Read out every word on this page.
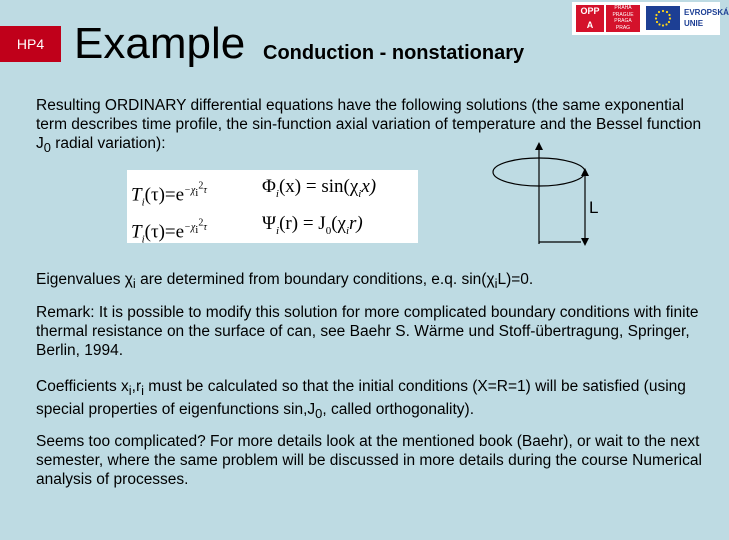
HP4 Example Conduction - nonstationary
OPP
A
PRAHA
PRAGUE
PRAGA
PRAG
EVROPSKÁ
UNIE
Resulting ORDINARY differential equations have the following solutions (the same exponential term describes time profile, the sin-function axial variation of temperature and the Bessel function $J_0$ radial variation):
$T_i(\tau)=e^{-\chi_i^2\tau}$	$\Phi_i(x) = \sin(\chi_ix)$
$T_i(\tau)=e^{-\chi_i^2\tau}$	$\Psi_i(r) = J_0(\chi_ir)$
L
Eigenvalues $\chi_i$ are determined from boundary conditions, e.q. $\sin(\chi_iL)=0$.
Remark: It is possible to modify this solution for more complicated boundary conditions with finite thermal resistance on the surface of can, see Baehr S. Wärme und Stoff-übertragung, Springer, Berlin, 1994.
Coefficients $x_i,r_i$ must be calculated so that the initial conditions (X=R=1) will be satisfied (using special properties of eigenfunctions $\sin,J_0$, called orthogonality).
Seems too complicated? For more details look at the mentioned book (Baehr), or wait to the next semester, where the same problem will be discussed in more details during the course Numerical analysis of processes.
